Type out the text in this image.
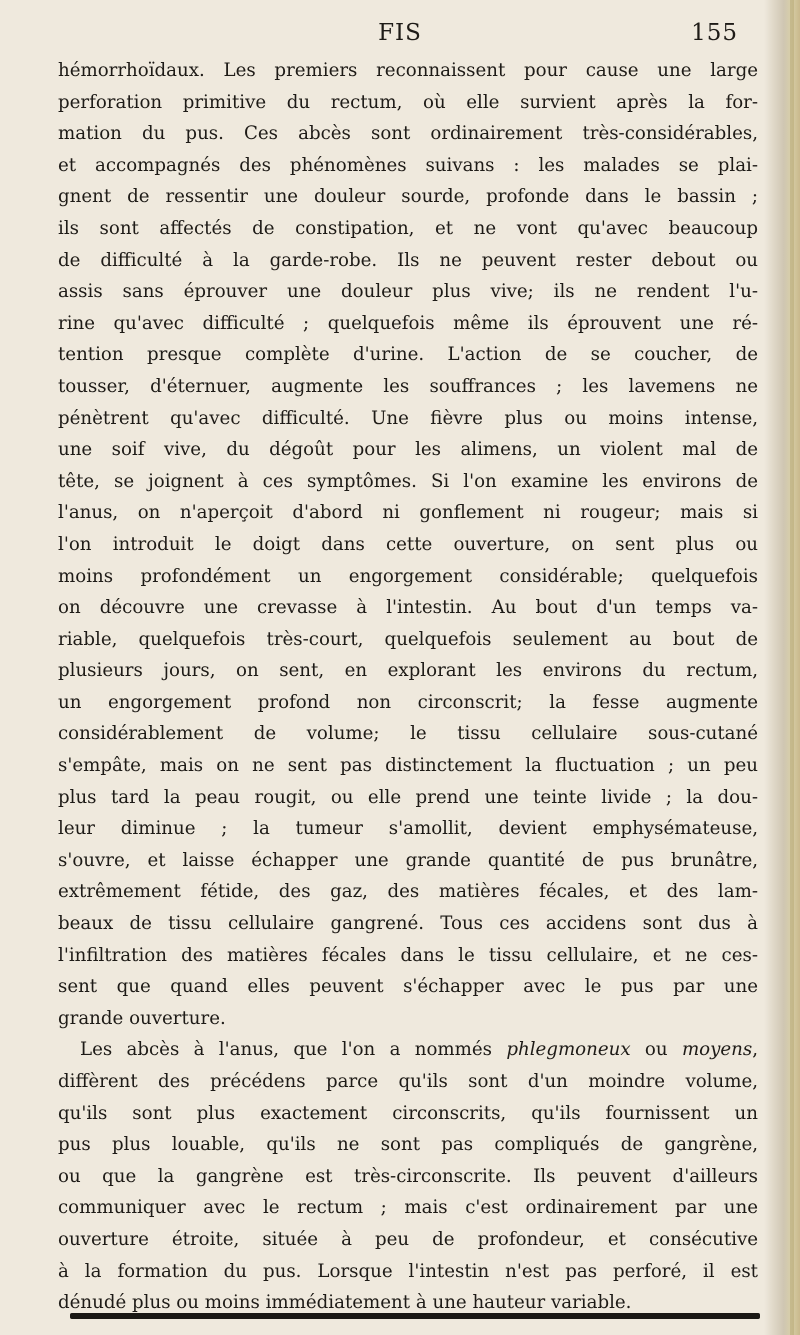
FIS	155
hémorrhoïdaux. Les premiers reconnaissent pour cause une large
perforation primitive du rectum, où elle survient après la for-
mation du pus. Ces abcès sont ordinairement très-considérables,
et accompagnés des phénomènes suivans : les malades se plai-
gnent de ressentir une douleur sourde, profonde dans le bassin ;
ils sont affectés de constipation, et ne vont qu'avec beaucoup
de difficulté à la garde-robe. Ils ne peuvent rester debout ou
assis sans éprouver une douleur plus vive; ils ne rendent l'u-
rine qu'avec difficulté ; quelquefois même ils éprouvent une ré-
tention presque complète d'urine. L'action de se coucher, de
tousser, d'éternuer, augmente les souffrances ; les lavemens ne
pénètrent qu'avec difficulté. Une fièvre plus ou moins intense,
une soif vive, du dégoût pour les alimens, un violent mal de
tête, se joignent à ces symptômes. Si l'on examine les environs de
l'anus, on n'aperçoit d'abord ni gonflement ni rougeur; mais si
l'on introduit le doigt dans cette ouverture, on sent plus ou
moins profondément un engorgement considérable; quelquefois
on découvre une crevasse à l'intestin. Au bout d'un temps va-
riable, quelquefois très-court, quelquefois seulement au bout de
plusieurs jours, on sent, en explorant les environs du rectum,
un engorgement profond non circonscrit; la fesse augmente
considérablement de volume; le tissu cellulaire sous-cutané
s'empâte, mais on ne sent pas distinctement la fluctuation ; un peu
plus tard la peau rougit, ou elle prend une teinte livide ; la dou-
leur diminue ; la tumeur s'amollit, devient emphysémateuse,
s'ouvre, et laisse échapper une grande quantité de pus brunâtre,
extrêmement fétide, des gaz, des matières fécales, et des lam-
beaux de tissu cellulaire gangrené. Tous ces accidens sont dus à
l'infiltration des matières fécales dans le tissu cellulaire, et ne ces-
sent que quand elles peuvent s'échapper avec le pus par une
grande ouverture.
Les abcès à l'anus, que l'on a nommés phlegmoneux ou moyens,
diffèrent des précédens parce qu'ils sont d'un moindre volume,
qu'ils sont plus exactement circonscrits, qu'ils fournissent un
pus plus louable, qu'ils ne sont pas compliqués de gangrène,
ou que la gangrène est très-circonscrite. Ils peuvent d'ailleurs
communiquer avec le rectum ; mais c'est ordinairement par une
ouverture étroite, située à peu de profondeur, et consécutive
à la formation du pus. Lorsque l'intestin n'est pas perforé, il est
dénudé plus ou moins immédiatement à une hauteur variable.
